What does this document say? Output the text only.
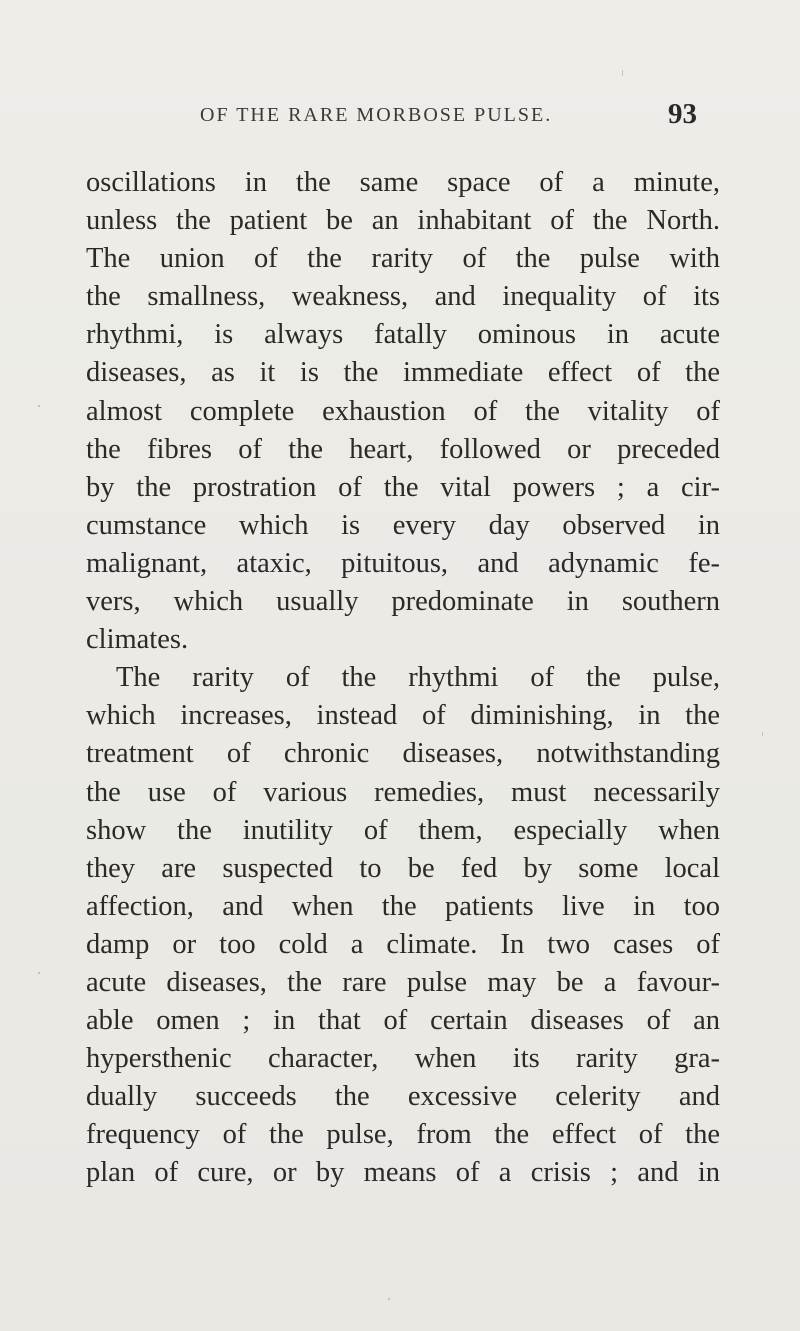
OF THE RARE MORBOSE PULSE.	93
oscillations in the same space of a minute,
unless the patient be an inhabitant of the North.
The union of the rarity of the pulse with
the smallness, weakness, and inequality of its
rhythmi, is always fatally ominous in acute
diseases, as it is the immediate effect of the
almost complete exhaustion of the vitality of
the fibres of the heart, followed or preceded
by the prostration of the vital powers ; a cir-
cumstance which is every day observed in
malignant, ataxic, pituitous, and adynamic fe-
vers, which usually predominate in southern
climates.
The rarity of the rhythmi of the pulse,
which increases, instead of diminishing, in the
treatment of chronic diseases, notwithstanding
the use of various remedies, must necessarily
show the inutility of them, especially when
they are suspected to be fed by some local
affection, and when the patients live in too
damp or too cold a climate. In two cases of
acute diseases, the rare pulse may be a favour-
able omen ; in that of certain diseases of an
hypersthenic character, when its rarity gra-
dually succeeds the excessive celerity and
frequency of the pulse, from the effect of the
plan of cure, or by means of a crisis ; and in
